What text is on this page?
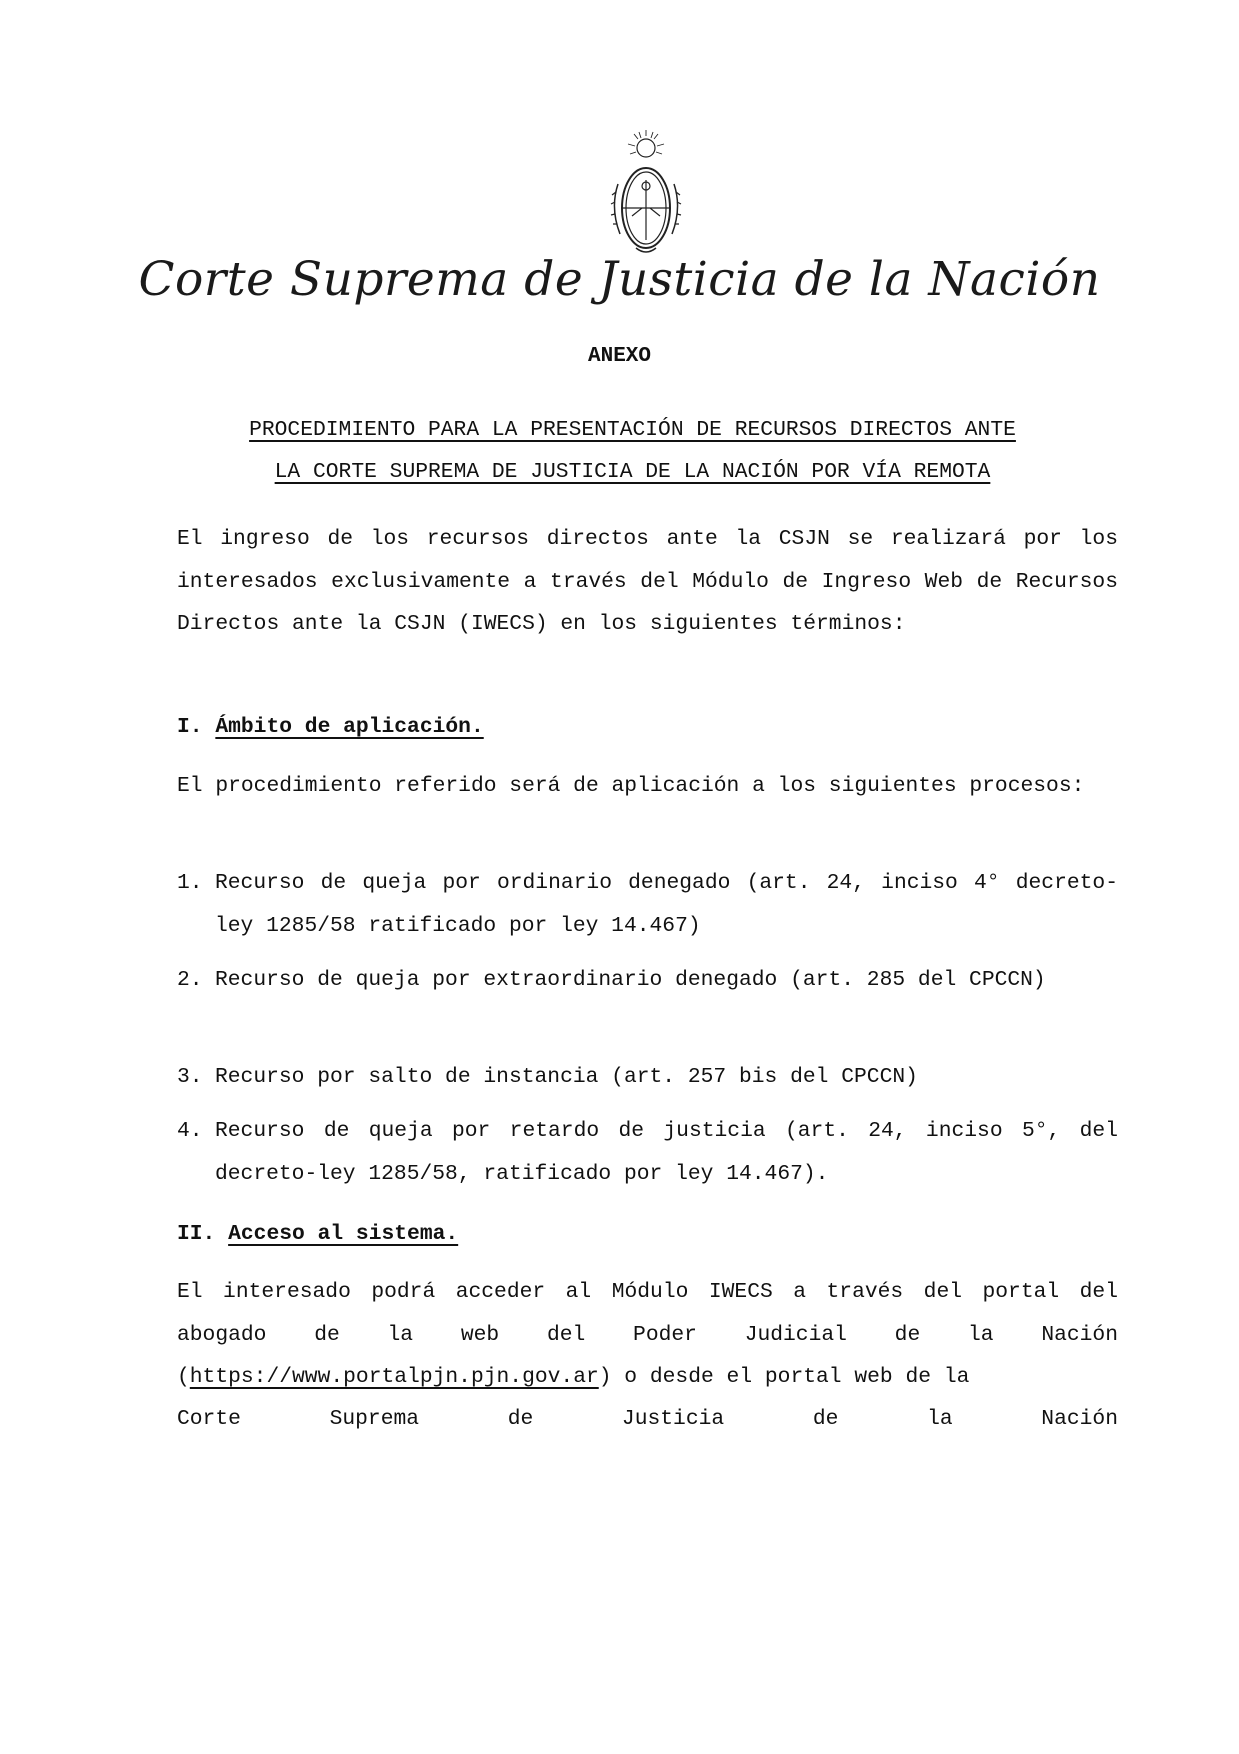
Corte Suprema de Justicia de la Nación
ANEXO
PROCEDIMIENTO PARA LA PRESENTACIÓN DE RECURSOS DIRECTOS ANTE
LA CORTE SUPREMA DE JUSTICIA DE LA NACIÓN POR VÍA REMOTA
El ingreso de los recursos directos ante la CSJN se realizará por los interesados exclusivamente a través del Módulo de Ingreso Web de Recursos Directos ante la CSJN (IWECS) en los siguientes términos:
I. Ámbito de aplicación.
El procedimiento referido será de aplicación a los siguientes procesos:
1. Recurso de queja por ordinario denegado (art. 24, inciso 4° decreto-ley 1285/58 ratificado por ley 14.467)
2. Recurso de queja por extraordinario denegado (art. 285 del CPCCN)
3. Recurso por salto de instancia (art. 257 bis del CPCCN)
4. Recurso de queja por retardo de justicia (art. 24, inciso 5°, del decreto-ley 1285/58, ratificado por ley 14.467).
II. Acceso al sistema.
El interesado podrá acceder al Módulo IWECS a través del portal del abogado de la web del Poder Judicial de la Nación (https://www.portalpjn.pjn.gov.ar) o desde el portal web de la
Corte Suprema de Justicia de la Nación
